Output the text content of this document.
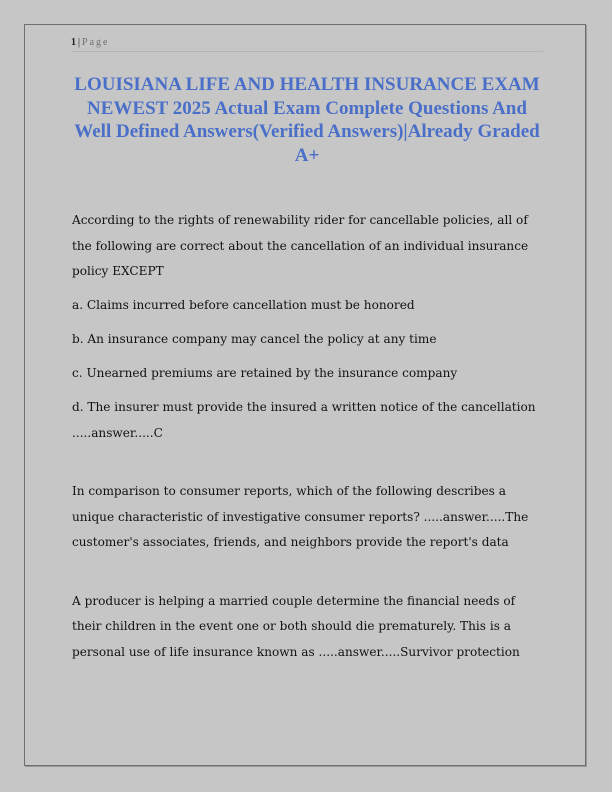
1 | Page
LOUISIANA LIFE AND HEALTH INSURANCE EXAM NEWEST 2025 Actual Exam Complete Questions And Well Defined Answers(Verified Answers)|Already Graded A+

According to the rights of renewability rider for cancellable policies, all of the following are correct about the cancellation of an individual insurance policy EXCEPT

a. Claims incurred before cancellation must be honored

b. An insurance company may cancel the policy at any time

c. Unearned premiums are retained by the insurance company

d. The insurer must provide the insured a written notice of the cancellation .....answer.....C

In comparison to consumer reports, which of the following describes a unique characteristic of investigative consumer reports? .....answer.....The customer's associates, friends, and neighbors provide the report's data

A producer is helping a married couple determine the financial needs of their children in the event one or both should die prematurely. This is a personal use of life insurance known as .....answer.....Survivor protection
